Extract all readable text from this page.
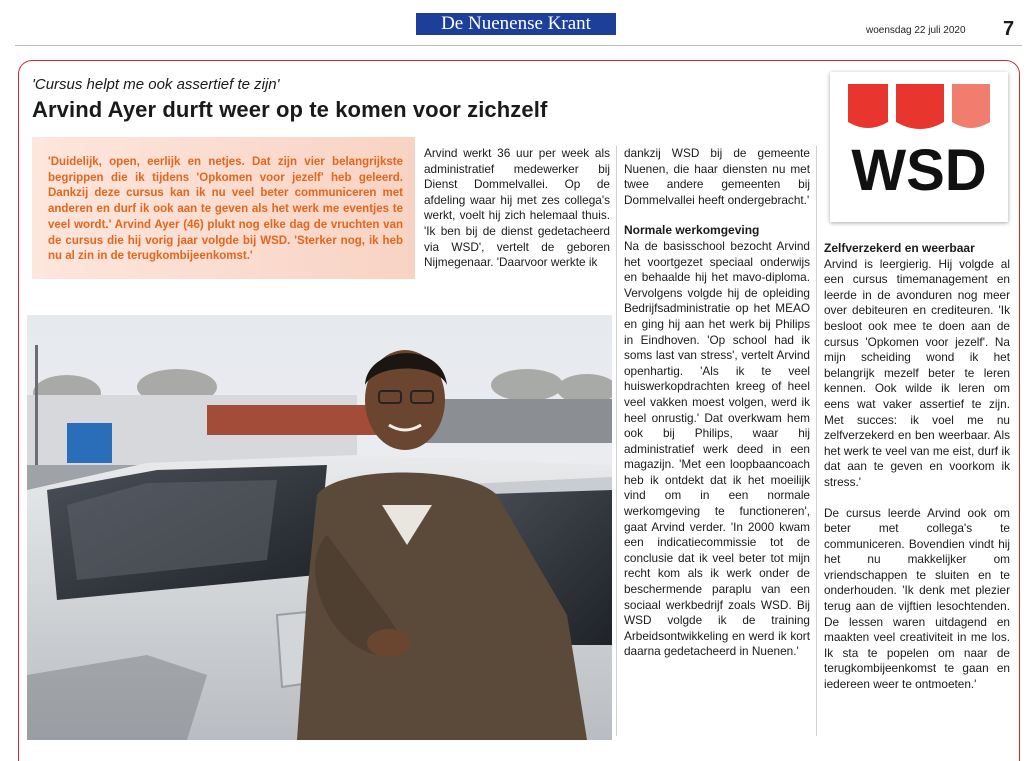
De Nuenense Krant	woensdag 22 juli 2020 7
'Cursus helpt me ook assertief te zijn'
Arvind Ayer durft weer op te komen voor zichzelf

'Duidelijk, open, eerlijk en netjes. Dat zijn vier belangrijkste begrippen die ik tijdens 'Opkomen voor jezelf' heb geleerd. Dankzij deze cursus kan ik nu veel beter communiceren met anderen en durf ik ook aan te geven als het werk me eventjes te veel wordt.' Arvind Ayer (46) plukt nog elke dag de vruchten van de cursus die hij vorig jaar volgde bij WSD. 'Sterker nog, ik heb nu al zin in de terugkombijeenkomst.'

Arvind werkt 36 uur per week als administratief medewerker bij Dienst Dommelvallei. Op de afdeling waar hij met zes collega's werkt, voelt hij zich helemaal thuis. 'Ik ben bij de dienst gedetacheerd via WSD', vertelt de geboren Nijmegenaar. 'Daarvoor werkte ik

dankzij WSD bij de gemeente Nuenen, die haar diensten nu met twee andere gemeenten bij Dommelvallei heeft ondergebracht.'

Normale werkomgeving

Na de basisschool bezocht Arvind het voortgezet speciaal onderwijs en behaalde hij het mavo-diploma. Vervolgens volgde hij de opleiding Bedrijfsadministratie op het MEAO en ging hij aan het werk bij Philips in Eindhoven. 'Op school had ik soms last van stress', vertelt Arvind openhartig. 'Als ik te veel huiswerkopdrachten kreeg of heel veel vakken moest volgen, werd ik heel onrustig.' Dat overkwam hem ook bij Philips, waar hij administratief werk deed in een magazijn. 'Met een loopbaancoach heb ik ontdekt dat ik het moeilijk vind om in een normale werkomgeving te functioneren', gaat Arvind verder. 'In 2000 kwam een indicatiecommissie tot de conclusie dat ik veel beter tot mijn recht kom als ik werk onder de beschermende paraplu van een sociaal werkbedrijf zoals WSD. Bij WSD volgde ik de training Arbeidsontwikkeling en werd ik kort daarna gedetacheerd in Nuenen.'

WSD
Zelfverzekerd en weerbaar

Arvind is leergierig. Hij volgde al een cursus timemanagement en leerde in de avonduren nog meer over debiteuren en crediteuren. 'Ik besloot ook mee te doen aan de cursus 'Opkomen voor jezelf'. Na mijn scheiding wond ik het belangrijk mezelf beter te leren kennen. Ook wilde ik leren om eens wat vaker assertief te zijn. Met succes: ik voel me nu zelfverzekerd en ben weerbaar. Als het werk te veel van me eist, durf ik dat aan te geven en voorkom ik stress.'

De cursus leerde Arvind ook om beter met collega's te communiceren. Bovendien vindt hij het nu makkelijker om vriendschappen te sluiten en te onderhouden. 'Ik denk met plezier terug aan de vijftien lesochtenden. De lessen waren uitdagend en maakten veel creativiteit in me los. Ik sta te popelen om naar de terugkombijeenkomst te gaan en iedereen weer te ontmoeten.'
